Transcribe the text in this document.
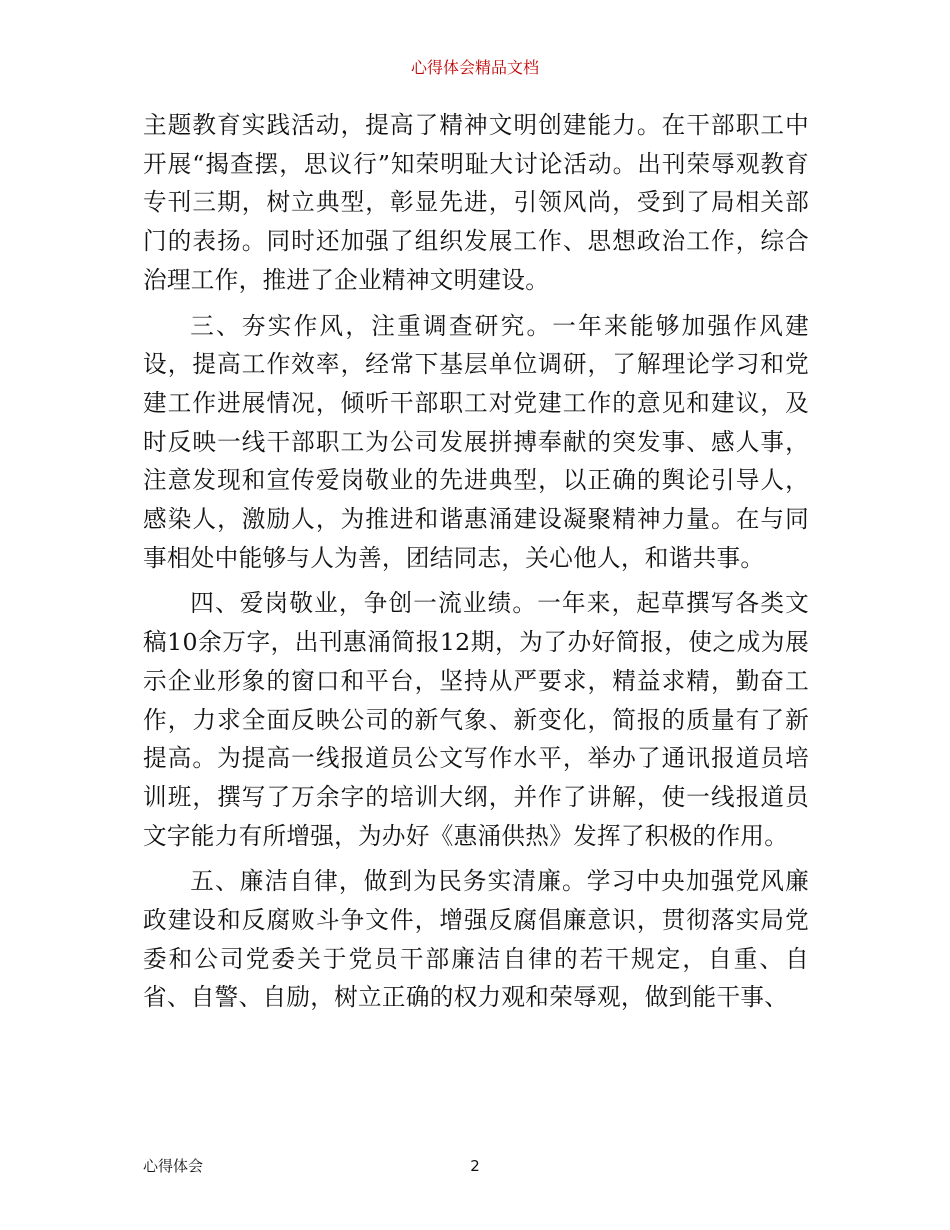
心得体会精品文档

主题教育实践活动，提高了精神文明创建能力。在干部职工中开展“揭查摆，思议行”知荣明耻大讨论活动。出刊荣辱观教育专刊三期，树立典型，彰显先进，引领风尚，受到了局相关部门的表扬。同时还加强了组织发展工作、思想政治工作，综合治理工作，推进了企业精神文明建设。

三、夯实作风，注重调查研究。一年来能够加强作风建设，提高工作效率，经常下基层单位调研，了解理论学习和党建工作进展情况，倾听干部职工对党建工作的意见和建议，及时反映一线干部职工为公司发展拼搏奉献的突发事、感人事，注意发现和宣传爱岗敬业的先进典型，以正确的舆论引导人，感染人，激励人，为推进和谐惠涌建设凝聚精神力量。在与同事相处中能够与人为善，团结同志，关心他人，和谐共事。

四、爱岗敬业，争创一流业绩。一年来，起草撰写各类文稿10余万字，出刊惠涌简报12期，为了办好简报，使之成为展示企业形象的窗口和平台，坚持从严要求，精益求精，勤奋工作，力求全面反映公司的新气象、新变化，简报的质量有了新提高。为提高一线报道员公文写作水平，举办了通讯报道员培训班，撰写了万余字的培训大纲，并作了讲解，使一线报道员文字能力有所增强，为办好《惠涌供热》发挥了积极的作用。

五、廉洁自律，做到为民务实清廉。学习中央加强党风廉政建设和反腐败斗争文件，增强反腐倡廉意识，贯彻落实局党委和公司党委关于党员干部廉洁自律的若干规定，自重、自省、自警、自励，树立正确的权力观和荣辱观，做到能干事、

心得体会	2
